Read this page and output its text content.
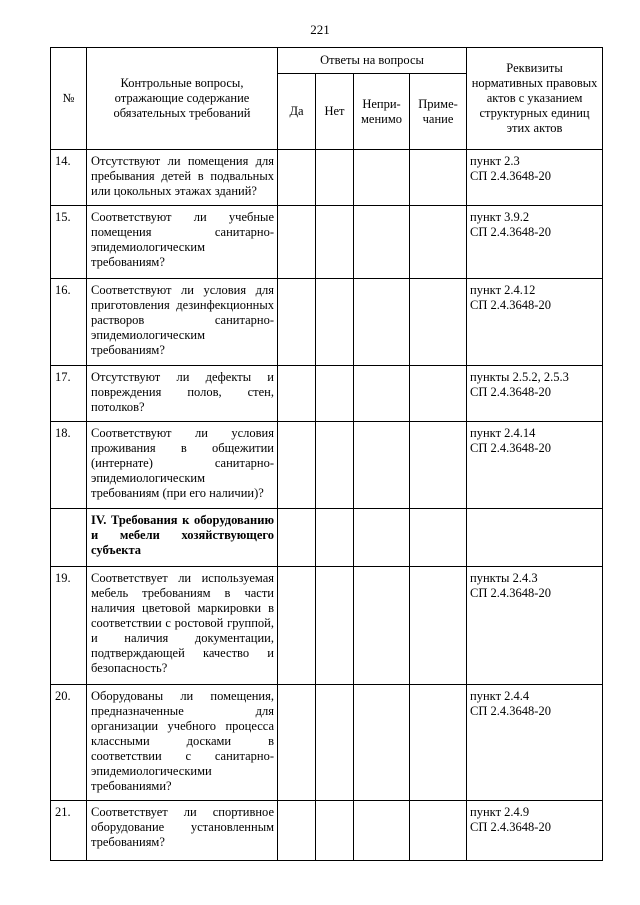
221
№	Контрольные вопросы, отражающие содержание обязательных требований	Ответы на вопросы				Реквизиты нормативных правовых актов с указанием структурных единиц этих актов
		Да	Нет	Непри-менимо	Приме-чание	
14.	Отсутствуют ли помещения для пребывания детей в подвальных или цокольных этажах зданий?					пункт 2.3
СП 2.4.3648-20

15.	Соответствуют ли учебные помещения санитарно-эпидемиологическим требованиям?					пункт 3.9.2
СП 2.4.3648-20

16.	Соответствуют ли условия для приготовления дезинфекционных растворов санитарно-эпидемиологическим требованиям?					пункт 2.4.12
СП 2.4.3648-20

17.	Отсутствуют ли дефекты и повреждения полов, стен, потолков?					пункты 2.5.2, 2.5.3
СП 2.4.3648-20

18.	Соответствуют ли условия проживания в общежитии (интернате) санитарно-эпидемиологическим требованиям (при его наличии)?					пункт 2.4.14
СП 2.4.3648-20

	IV. Требования к оборудованию и мебели хозяйствующего субъекта					

19.	Соответствует ли используемая мебель требованиям в части наличия цветовой маркировки в соответствии с ростовой группой, и наличия документации, подтверждающей качество и безопасность?					пункты 2.4.3
СП 2.4.3648-20

20.	Оборудованы ли помещения, предназначенные для организации учебного процесса классными досками в соответствии с санитарно-эпидемиологическими требованиями?					пункт 2.4.4
СП 2.4.3648-20

21.	Соответствует ли спортивное оборудование установленным требованиям?					пункт 2.4.9
СП 2.4.3648-20
